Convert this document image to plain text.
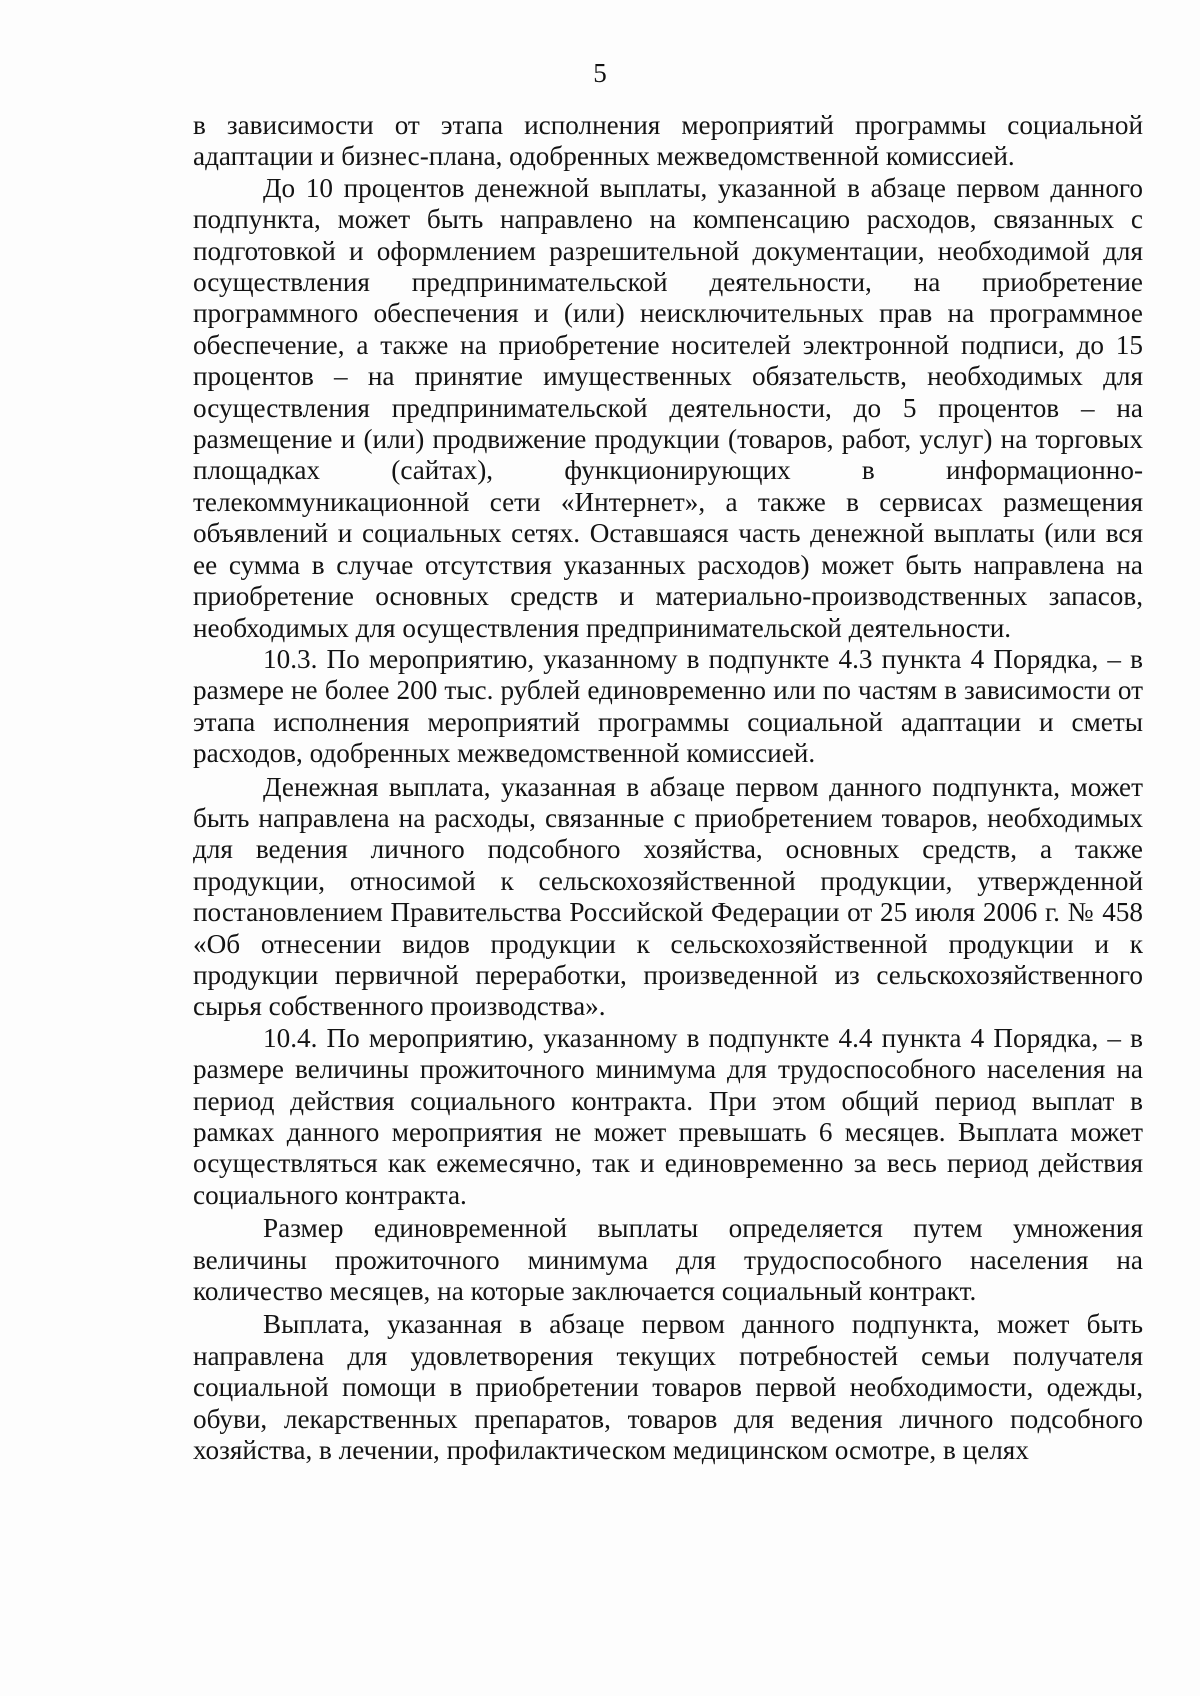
5

в зависимости от этапа исполнения мероприятий программы социальной адаптации и бизнес-плана, одобренных межведомственной комиссией.

До 10 процентов денежной выплаты, указанной в абзаце первом данного подпункта, может быть направлено на компенсацию расходов, связанных с подготовкой и оформлением разрешительной документации, необходимой для осуществления предпринимательской деятельности, на приобретение программного обеспечения и (или) неисключительных прав на программное обеспечение, а также на приобретение носителей электронной подписи, до 15 процентов – на принятие имущественных обязательств, необходимых для осуществления предпринимательской деятельности, до 5 процентов – на размещение и (или) продвижение продукции (товаров, работ, услуг) на торговых площадках (сайтах), функционирующих в информационно-телекоммуникационной сети «Интернет», а также в сервисах размещения объявлений и социальных сетях. Оставшаяся часть денежной выплаты (или вся ее сумма в случае отсутствия указанных расходов) может быть направлена на приобретение основных средств и материально-производственных запасов, необходимых для осуществления предпринимательской деятельности.

10.3. По мероприятию, указанному в подпункте 4.3 пункта 4 Порядка, – в размере не более 200 тыс. рублей единовременно или по частям в зависимости от этапа исполнения мероприятий программы социальной адаптации и сметы расходов, одобренных межведомственной комиссией.

Денежная выплата, указанная в абзаце первом данного подпункта, может быть направлена на расходы, связанные с приобретением товаров, необходимых для ведения личного подсобного хозяйства, основных средств, а также продукции, относимой к сельскохозяйственной продукции, утвержденной постановлением Правительства Российской Федерации от 25 июля 2006 г. № 458 «Об отнесении видов продукции к сельскохозяйственной продукции и к продукции первичной переработки, произведенной из сельскохозяйственного сырья собственного производства».

10.4. По мероприятию, указанному в подпункте 4.4 пункта 4 Порядка, – в размере величины прожиточного минимума для трудоспособного населения на период действия социального контракта. При этом общий период выплат в рамках данного мероприятия не может превышать 6 месяцев. Выплата может осуществляться как ежемесячно, так и единовременно за весь период действия социального контракта.

Размер единовременной выплаты определяется путем умножения величины прожиточного минимума для трудоспособного населения на количество месяцев, на которые заключается социальный контракт.

Выплата, указанная в абзаце первом данного подпункта, может быть направлена для удовлетворения текущих потребностей семьи получателя социальной помощи в приобретении товаров первой необходимости, одежды, обуви, лекарственных препаратов, товаров для ведения личного подсобного хозяйства, в лечении, профилактическом медицинском осмотре, в целях
